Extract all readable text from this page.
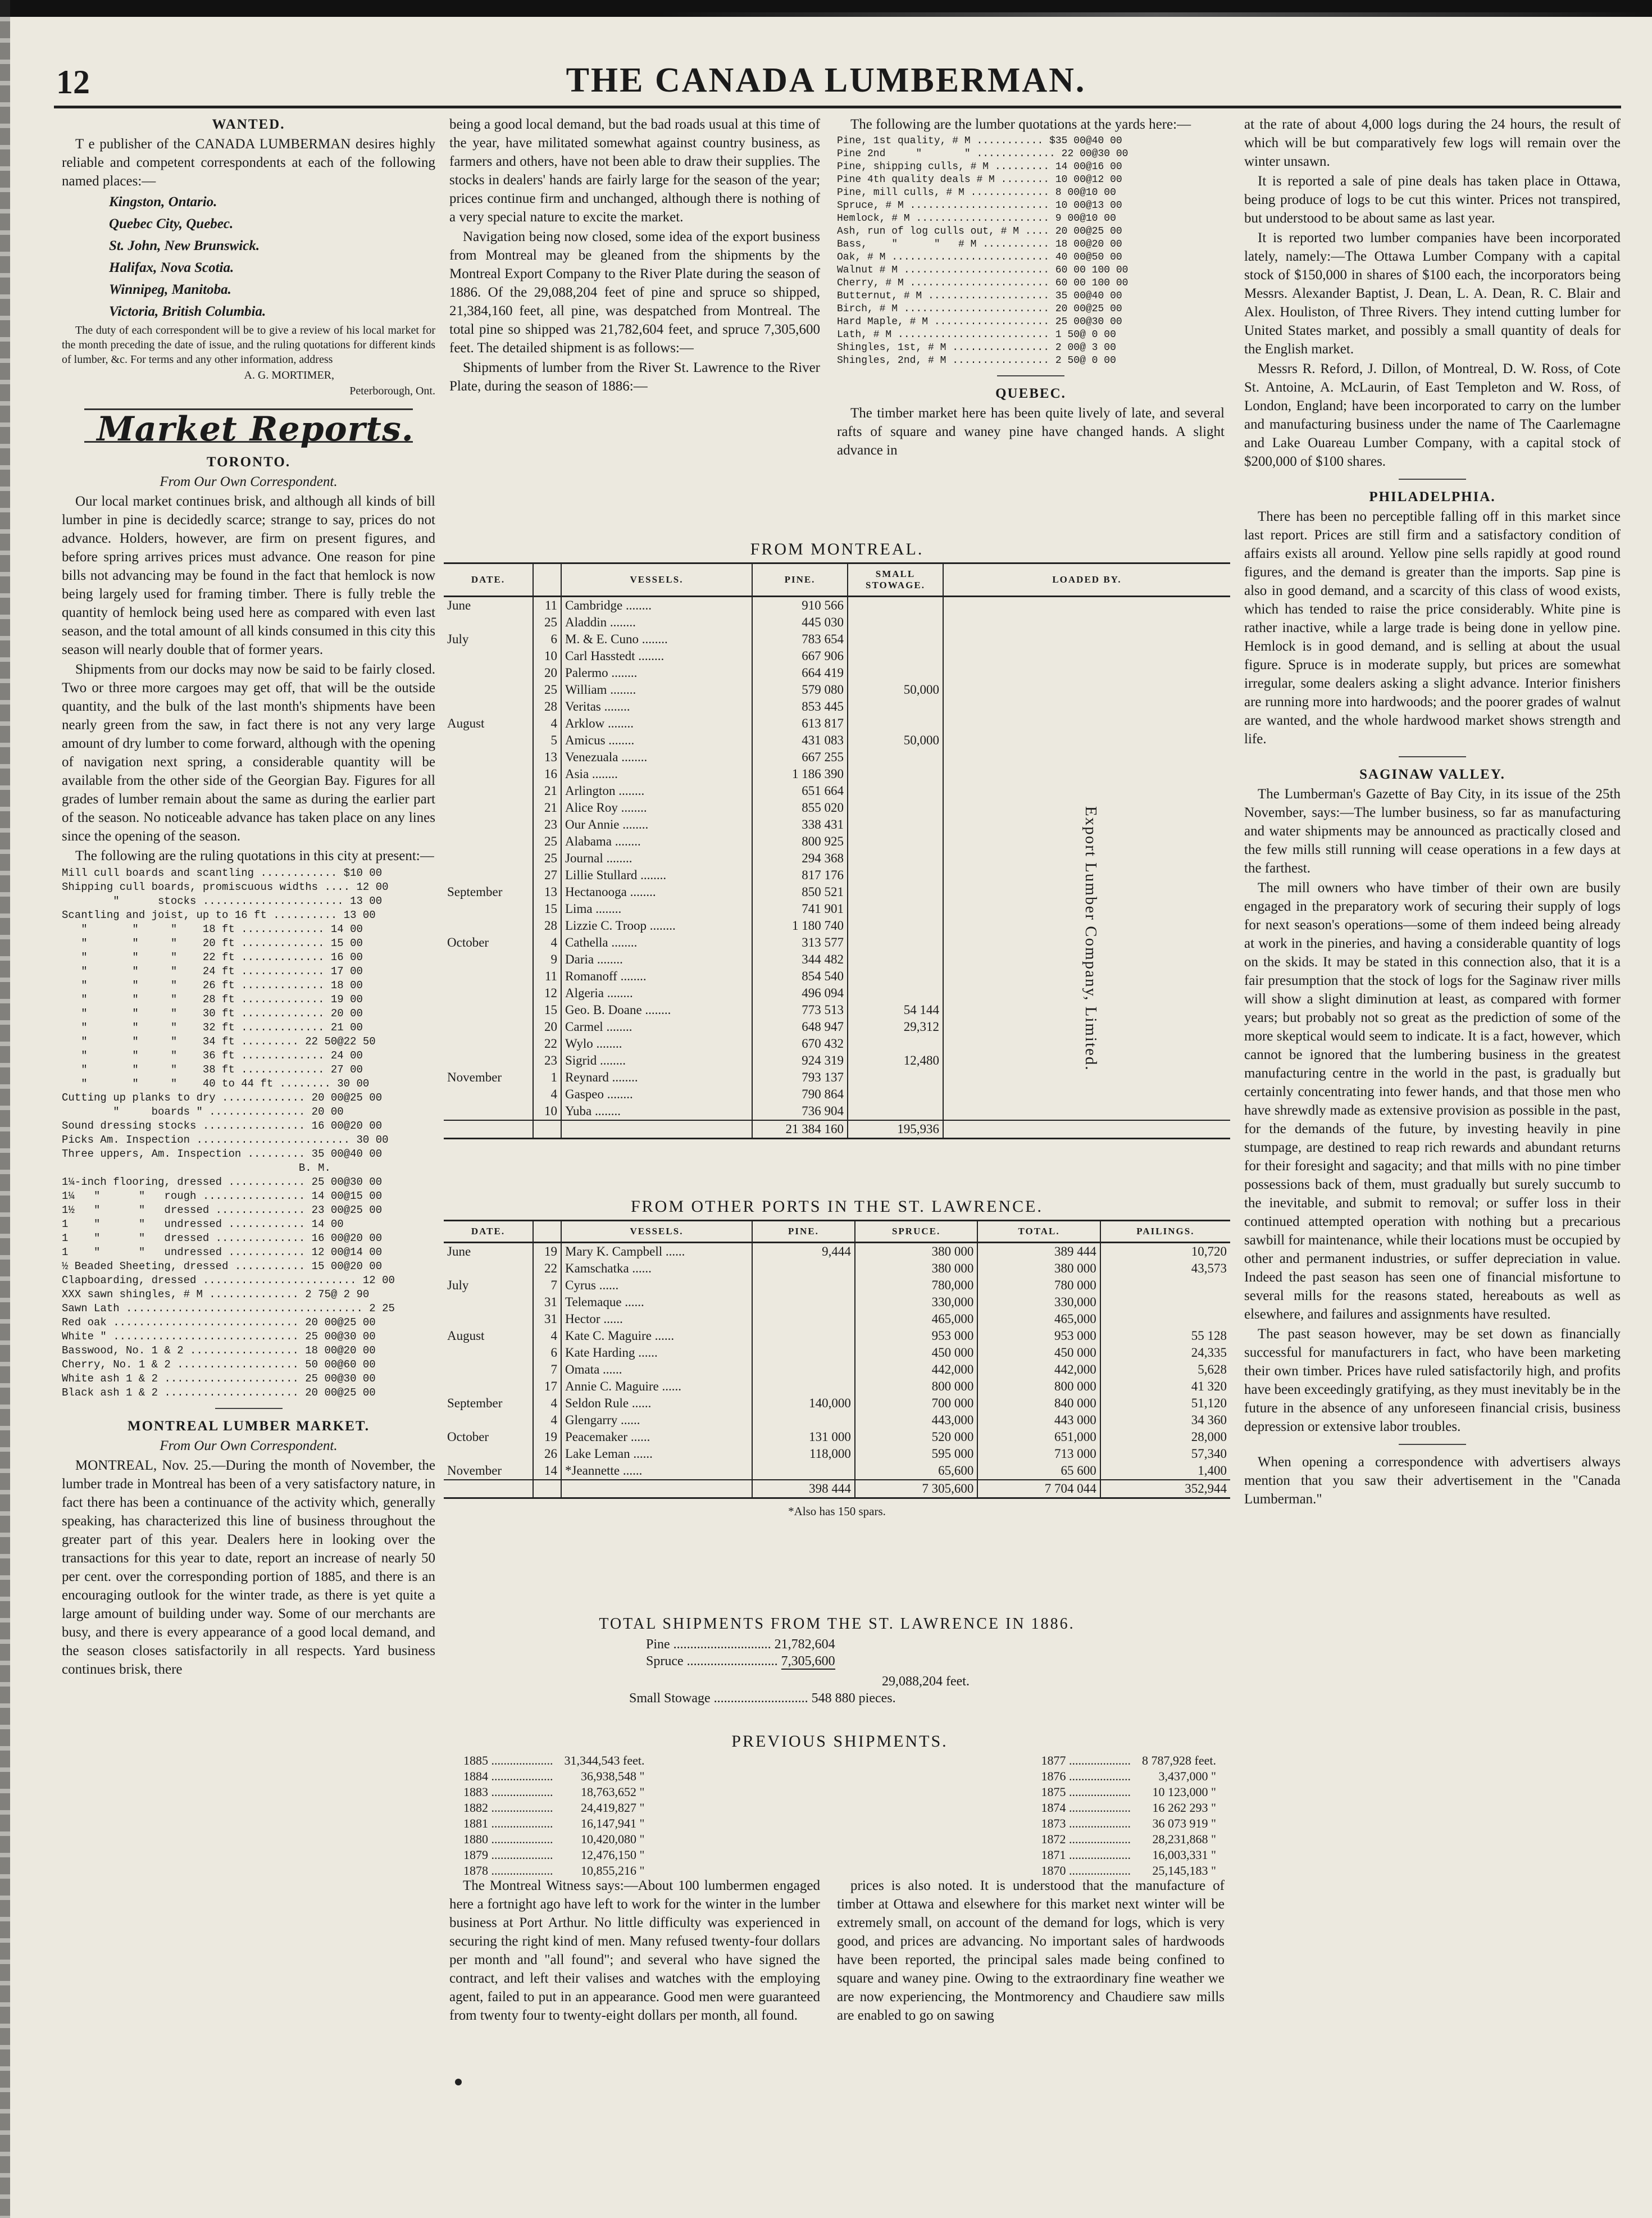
12	THE CANADA LUMBERMAN.

WANTED.

T e publisher of the CANADA LUMBERMAN desires highly reliable and competent correspondents at each of the following named places:—

Kingston, Ontario.

Quebec City, Quebec.

St. John, New Brunswick.

Halifax, Nova Scotia.

Winnipeg, Manitoba.

Victoria, British Columbia.

The duty of each correspondent will be to give a review of his local market for the month preceding the date of issue, and the ruling quotations for different kinds of lumber, &c. For terms and any other information, address

A. G. MORTIMER,

Peterborough, Ont.

Market Reports.

TORONTO.

From Our Own Correspondent.

Our local market continues brisk, and although all kinds of bill lumber in pine is decidedly scarce; strange to say, prices do not advance. Holders, however, are firm on present figures, and before spring arrives prices must advance. One reason for pine bills not advancing may be found in the fact that hemlock is now being largely used for framing timber. There is fully treble the quantity of hemlock being used here as compared with even last season, and the total amount of all kinds consumed in this city this season will nearly double that of former years.

Shipments from our docks may now be said to be fairly closed. Two or three more cargoes may get off, that will be the outside quantity, and the bulk of the last month's shipments have been nearly green from the saw, in fact there is not any very large amount of dry lumber to come forward, although with the opening of navigation next spring, a considerable quantity will be available from the other side of the Georgian Bay. Figures for all grades of lumber remain about the same as during the earlier part of the season. No noticeable advance has taken place on any lines since the opening of the season.

The following are the ruling quotations in this city at present:—

Mill cull boards and scantling ............ $10 00
Shipping cull boards, promiscuous widths .... 12 00
"      stocks ...................... 13 00
Scantling and joist, up to 16 ft .......... 13 00
"       "     "    18 ft ............. 14 00
"       "     "    20 ft ............. 15 00
"       "     "    22 ft ............. 16 00
"       "     "    24 ft ............. 17 00
"       "     "    26 ft ............. 18 00
"       "     "    28 ft ............. 19 00
"       "     "    30 ft ............. 20 00
"       "     "    32 ft ............. 21 00
"       "     "    34 ft ......... 22 50@22 50
"       "     "    36 ft ............. 24 00
"       "     "    38 ft ............. 27 00
"       "     "    40 to 44 ft ........ 30 00
Cutting up planks to dry ............. 20 00@25 00
"     boards " ............... 20 00
Sound dressing stocks ................ 16 00@20 00
Picks Am. Inspection ........................ 30 00
Three uppers, Am. Inspection ......... 35 00@40 00
B. M.
1¼-inch flooring, dressed ............ 25 00@30 00
1¼   "      "   rough ................ 14 00@15 00
1½   "      "   dressed .............. 23 00@25 00
1    "      "   undressed ............ 14 00
1    "      "   dressed .............. 16 00@20 00
1    "      "   undressed ............ 12 00@14 00
½ Beaded Sheeting, dressed ........... 15 00@20 00
Clapboarding, dressed ........................ 12 00
XXX sawn shingles, # M .............. 2 75@ 2 90
Sawn Lath ..................................... 2 25
Red oak ............................. 20 00@25 00
White " ............................. 25 00@30 00
Basswood, No. 1 & 2 ................. 18 00@20 00
Cherry, No. 1 & 2 ................... 50 00@60 00
White ash 1 & 2 ..................... 25 00@30 00
Black ash 1 & 2 ..................... 20 00@25 00

MONTREAL LUMBER MARKET.

From Our Own Correspondent.

MONTREAL, Nov. 25.—During the month of November, the lumber trade in Montreal has been of a very satisfactory nature, in fact there has been a continuance of the activity which, generally speaking, has characterized this line of business throughout the greater part of this year. Dealers here in looking over the transactions for this year to date, report an increase of nearly 50 per cent. over the corresponding portion of 1885, and there is an encouraging outlook for the winter trade, as there is yet quite a large amount of building under way. Some of our merchants are busy, and there is every appearance of a good local demand, and the season closes satisfactorily in all respects. Yard business continues brisk, there

being a good local demand, but the bad roads usual at this time of the year, have militated somewhat against country business, as farmers and others, have not been able to draw their supplies. The stocks in dealers' hands are fairly large for the season of the year; prices continue firm and unchanged, although there is nothing of a very special nature to excite the market.

Navigation being now closed, some idea of the export business from Montreal may be gleaned from the shipments by the Montreal Export Company to the River Plate during the season of 1886. Of the 29,088,204 feet of pine and spruce so shipped, 21,384,160 feet, all pine, was despatched from Montreal. The total pine so shipped was 21,782,604 feet, and spruce 7,305,600 feet. The detailed shipment is as follows:—

Shipments of lumber from the River St. Lawrence to the River Plate, during the season of 1886:—

The following are the lumber quotations at the yards here:—

Pine, 1st quality, # M ........... $35 00@40 00
Pine 2nd     "       " ............. 22 00@30 00
Pine, shipping culls, # M ......... 14 00@16 00
Pine 4th quality deals # M ........ 10 00@12 00
Pine, mill culls, # M ............. 8 00@10 00
Spruce, # M ....................... 10 00@13 00
Hemlock, # M ...................... 9 00@10 00
Ash, run of log culls out, # M .... 20 00@25 00
Bass,    "      "   # M ........... 18 00@20 00
Oak, # M .......................... 40 00@50 00
Walnut # M ........................ 60 00 100 00
Cherry, # M ....................... 60 00 100 00
Butternut, # M .................... 35 00@40 00
Birch, # M ........................ 20 00@25 00
Hard Maple, # M ................... 25 00@30 00
Lath, # M ......................... 1 50@ 0 00
Shingles, 1st, # M ................ 2 00@ 3 00
Shingles, 2nd, # M ................ 2 50@ 0 00

QUEBEC.

The timber market here has been quite lively of late, and several rafts of square and waney pine have changed hands. A slight advance in

FROM MONTREAL.
DATE.		VESSELS.	PINE.	SMALL STOWAGE.	LOADED BY.
June	11	Cambridge ........	910 566		
	25	Aladdin ........	445 030		
July	6	M. & E. Cuno ........	783 654		
	10	Carl Hasstedt ........	667 906		
	20	Palermo ........	664 419		
	25	William ........	579 080	50,000	
	28	Veritas ........	853 445		
August	4	Arklow ........	613 817		
	5	Amicus ........	431 083	50,000	
	13	Venezuala ........	667 255		
	16	Asia ........	1 186 390		
	21	Arlington ........	651 664		
	21	Alice Roy ........	855 020		
	23	Our Annie ........	338 431		
	25	Alabama ........	800 925		
	25	Journal ........	294 368		
	27	Lillie Stullard ........	817 176		
September	13	Hectanooga ........	850 521		
	15	Lima ........	741 901		
	28	Lizzie C. Troop ........	1 180 740		
October	4	Cathella ........	313 577		
	9	Daria ........	344 482		
	11	Romanoff ........	854 540		
	12	Algeria ........	496 094		
	15	Geo. B. Doane ........	773 513	54 144	
	20	Carmel ........	648 947	29,312	
	22	Wylo ........	670 432		
	23	Sigrid ........	924 319	12,480	
November	1	Reynard ........	793 137		
	4	Gaspeo ........	790 864		
	10	Yuba ........	736 904		
			21 384 160	195,936	
Export Lumber Company, Limited.
FROM OTHER PORTS IN THE ST. LAWRENCE.
DATE.		VESSELS.	PINE.	SPRUCE.	TOTAL.	PAILINGS.
June	19	Mary K. Campbell ......	9,444	380 000	389 444	10,720
	22	Kamschatka ......		380 000	380 000	43,573
July	7	Cyrus ......		780,000	780 000	
	31	Telemaque ......		330,000	330,000	
	31	Hector ......		465,000	465,000	
August	4	Kate C. Maguire ......		953 000	953 000	55 128
	6	Kate Harding ......		450 000	450 000	24,335
	7	Omata ......		442,000	442,000	5,628
	17	Annie C. Maguire ......		800 000	800 000	41 320
September	4	Seldon Rule ......	140,000	700 000	840 000	51,120
	4	Glengarry ......		443,000	443 000	34 360
October	19	Peacemaker ......	131 000	520 000	651,000	28,000
	26	Lake Leman ......	118,000	595 000	713 000	57,340
November	14	*Jeannette ......		65,600	65 600	1,400
			398 444	7 305,600	7 704 044	352,944
*Also has 150 spars.
TOTAL SHIPMENTS FROM THE ST. LAWRENCE IN 1886.
Pine ............................. 21,782,604
Spruce ........................... 7,305,600
29,088,204 feet.
Small Stowage ............................ 548 880 pieces.
PREVIOUS SHIPMENTS.
1885 ....................	31,344,543 feet.
1884 ....................	36,938,548 "
1883 ....................	18,763,652 "
1882 ....................	24,419,827 "
1881 ....................	16,147,941 "
1880 ....................	10,420,080 "
1879 ....................	12,476,150 "
1878 ....................	10,855,216 "
1877 ....................	8 787,928 feet.
1876 ....................	3,437,000 "
1875 ....................	10 123,000 "
1874 ....................	16 262 293 "
1873 ....................	36 073 919 "
1872 ....................	28,231,868 "
1871 ....................	16,003,331 "
1870 ....................	25,145,183 "

The Montreal Witness says:—About 100 lumbermen engaged here a fortnight ago have left to work for the winter in the lumber business at Port Arthur. No little difficulty was experienced in securing the right kind of men. Many refused twenty-four dollars per month and "all found"; and several who have signed the contract, and left their valises and watches with the employing agent, failed to put in an appearance. Good men were guaranteed from twenty four to twenty-eight dollars per month, all found.

prices is also noted. It is understood that the manufacture of timber at Ottawa and elsewhere for this market next winter will be extremely small, on account of the demand for logs, which is very good, and prices are advancing. No important sales of hardwoods have been reported, the principal sales made being confined to square and waney pine. Owing to the extraordinary fine weather we are now experiencing, the Montmorency and Chaudiere saw mills are enabled to go on sawing

at the rate of about 4,000 logs during the 24 hours, the result of which will be but comparatively few logs will remain over the winter unsawn.

It is reported a sale of pine deals has taken place in Ottawa, being produce of logs to be cut this winter. Prices not transpired, but understood to be about same as last year.

It is reported two lumber companies have been incorporated lately, namely:—The Ottawa Lumber Company with a capital stock of $150,000 in shares of $100 each, the incorporators being Messrs. Alexander Baptist, J. Dean, L. A. Dean, R. C. Blair and Alex. Houliston, of Three Rivers. They intend cutting lumber for United States market, and possibly a small quantity of deals for the English market.

Messrs R. Reford, J. Dillon, of Montreal, D. W. Ross, of Cote St. Antoine, A. McLaurin, of East Templeton and W. Ross, of London, England; have been incorporated to carry on the lumber and manufacturing business under the name of The Caarlemagne and Lake Ouareau Lumber Company, with a capital stock of $200,000 of $100 shares.

PHILADELPHIA.

There has been no perceptible falling off in this market since last report. Prices are still firm and a satisfactory condition of affairs exists all around. Yellow pine sells rapidly at good round figures, and the demand is greater than the imports. Sap pine is also in good demand, and a scarcity of this class of wood exists, which has tended to raise the price considerably. White pine is rather inactive, while a large trade is being done in yellow pine. Hemlock is in good demand, and is selling at about the usual figure. Spruce is in moderate supply, but prices are somewhat irregular, some dealers asking a slight advance. Interior finishers are running more into hardwoods; and the poorer grades of walnut are wanted, and the whole hardwood market shows strength and life.

SAGINAW VALLEY.

The Lumberman's Gazette of Bay City, in its issue of the 25th November, says:—The lumber business, so far as manufacturing and water shipments may be announced as practically closed and the few mills still running will cease operations in a few days at the farthest.

The mill owners who have timber of their own are busily engaged in the preparatory work of securing their supply of logs for next season's operations—some of them indeed being already at work in the pineries, and having a considerable quantity of logs on the skids. It may be stated in this connection also, that it is a fair presumption that the stock of logs for the Saginaw river mills will show a slight diminution at least, as compared with former years; but probably not so great as the prediction of some of the more skeptical would seem to indicate. It is a fact, however, which cannot be ignored that the lumbering business in the greatest manufacturing centre in the world in the past, is gradually but certainly concentrating into fewer hands, and that those men who have shrewdly made as extensive provision as possible in the past, for the demands of the future, by investing heavily in pine stumpage, are destined to reap rich rewards and abundant returns for their foresight and sagacity; and that mills with no pine timber possessions back of them, must gradually but surely succumb to the inevitable, and submit to removal; or suffer loss in their continued attempted operation with nothing but a precarious sawbill for maintenance, while their locations must be occupied by other and permanent industries, or suffer depreciation in value. Indeed the past season has seen one of financial misfortune to several mills for the reasons stated, hereabouts as well as elsewhere, and failures and assignments have resulted.

The past season however, may be set down as financially successful for manufacturers in fact, who have been marketing their own timber. Prices have ruled satisfactorily high, and profits have been exceedingly gratifying, as they must inevitably be in the future in the absence of any unforeseen financial crisis, business depression or extensive labor troubles.

When opening a correspondence with advertisers always mention that you saw their advertisement in the "Canada Lumberman."
